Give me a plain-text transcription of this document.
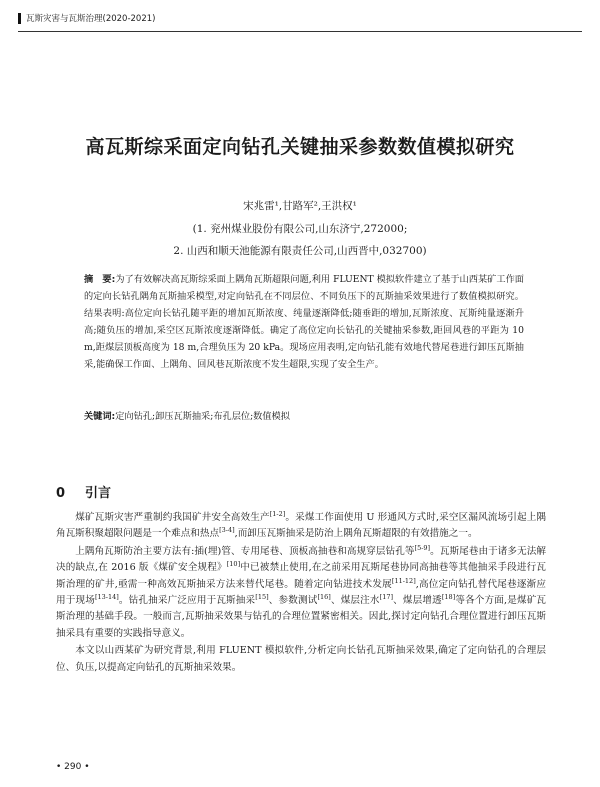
瓦斯灾害与瓦斯治理(2020-2021)
高瓦斯综采面定向钻孔关键抽采参数数值模拟研究
宋兆雷¹,甘路军²,王洪权¹
(1. 兖州煤业股份有限公司,山东济宁,272000;
2. 山西和顺天池能源有限责任公司,山西晋中,032700)

摘　要:为了有效解决高瓦斯综采面上隅角瓦斯超限问题,利用 FLUENT 模拟软件建立了基于山西某矿工作面的定向长钻孔隅角瓦斯抽采模型,对定向钻孔在不同层位、不同负压下的瓦斯抽采效果进行了数值模拟研究。结果表明:高位定向长钻孔随平距的增加瓦斯浓度、纯量逐渐降低;随垂距的增加,瓦斯浓度、瓦斯纯量逐渐升高;随负压的增加,采空区瓦斯浓度逐渐降低。确定了高位定向长钻孔的关键抽采参数,距回风巷的平距为 10 m,距煤层顶板高度为 18 m,合理负压为 20 kPa。现场应用表明,定向钻孔能有效地代替尾巷进行卸压瓦斯抽采,能确保工作面、上隅角、回风巷瓦斯浓度不发生超限,实现了安全生产。

关键词:定向钻孔;卸压瓦斯抽采;布孔层位;数值模拟

0 引言

煤矿瓦斯灾害严重制约我国矿井安全高效生产[1-2]。采煤工作面使用 U 形通风方式时,采空区漏风流场引起上隅角瓦斯积聚超限问题是一个难点和热点[3-4],而卸压瓦斯抽采是防治上隅角瓦斯超限的有效措施之一。

上隅角瓦斯防治主要方法有:插(埋)管、专用尾巷、顶板高抽巷和高规穿层钻孔等[5-9]。瓦斯尾巷由于诸多无法解决的缺点,在 2016 版《煤矿安全规程》[10]中已被禁止使用,在之前采用瓦斯尾巷协同高抽巷等其他抽采手段进行瓦斯治理的矿井,亟需一种高效瓦斯抽采方法来替代尾巷。随着定向钻进技术发展[11-12],高位定向钻孔替代尾巷逐渐应用于现场[13-14]。钻孔抽采广泛应用于瓦斯抽采[15]、参数测试[16]、煤层注水[17]、煤层增透[18]等各个方面,是煤矿瓦斯治理的基础手段。一般而言,瓦斯抽采效果与钻孔的合理位置紧密相关。因此,探讨定向钻孔合理位置进行卸压瓦斯抽采具有重要的实践指导意义。

本文以山西某矿为研究背景,利用 FLUENT 模拟软件,分析定向长钻孔瓦斯抽采效果,确定了定向钻孔的合理层位、负压,以提高定向钻孔的瓦斯抽采效果。

• 290 •
